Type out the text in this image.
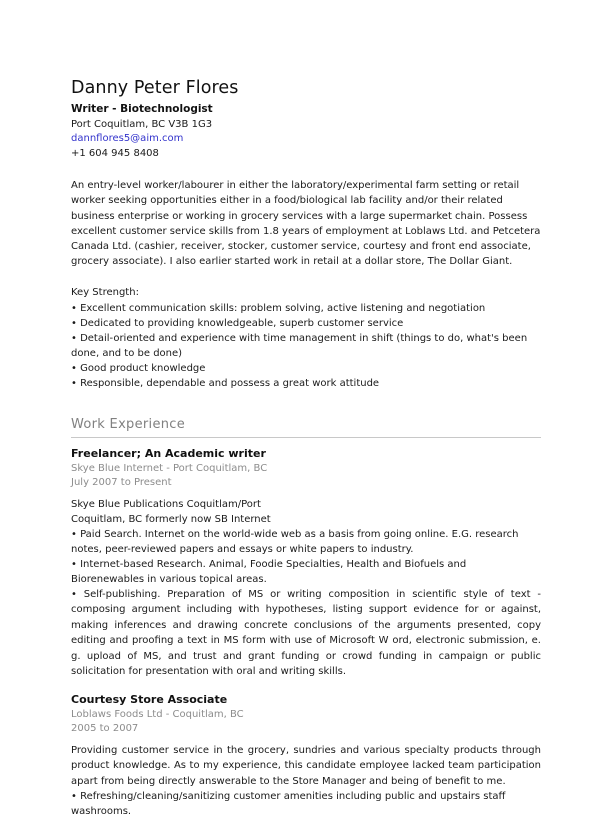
Danny Peter Flores
Writer - Biotechnologist
Port Coquitlam, BC V3B 1G3
dannflores5@aim.com
+1 604 945 8408

An entry-level worker/labourer in either the laboratory/experimental farm setting or retail worker seeking opportunities either in a food/biological lab facility and/or their related business enterprise or working in grocery services with a large supermarket chain. Possess excellent customer service skills from 1.8 years of employment at Loblaws Ltd. and Petcetera Canada Ltd. (cashier, receiver, stocker, customer service, courtesy and front end associate, grocery associate). I also earlier started work in retail at a dollar store, The Dollar Giant.

Key Strength:
• Excellent communication skills: problem solving, active listening and negotiation
• Dedicated to providing knowledgeable, superb customer service
• Detail-oriented and experience with time management in shift (things to do, what's been done, and to be done)
• Good product knowledge
• Responsible, dependable and possess a great work attitude
Work Experience
Freelancer; An Academic writer
Skye Blue Internet - Port Coquitlam, BC
July 2007 to Present

Skye Blue Publications Coquitlam/Port

Coquitlam, BC formerly now SB Internet

• Paid Search. Internet on the world-wide web as a basis from going online. E.G. research notes, peer-reviewed papers and essays or white papers to industry.

• Internet-based Research. Animal, Foodie Specialties, Health and Biofuels and Biorenewables in various topical areas.

• Self-publishing. Preparation of MS or writing composition in scientific style of text - composing argument including with hypotheses, listing support evidence for or against, making inferences and drawing concrete conclusions of the arguments presented, copy editing and proofing a text in MS form with use of Microsoft W ord, electronic submission, e. g. upload of MS, and trust and grant funding or crowd funding in campaign or public solicitation for presentation with oral and writing skills.

Courtesy Store Associate
Loblaws Foods Ltd - Coquitlam, BC
2005 to 2007

Providing customer service in the grocery, sundries and various specialty products through product knowledge. As to my experience, this candidate employee lacked team participation apart from being directly answerable to the Store Manager and being of benefit to me.

• Refreshing/cleaning/sanitizing customer amenities including public and upstairs staff washrooms.
